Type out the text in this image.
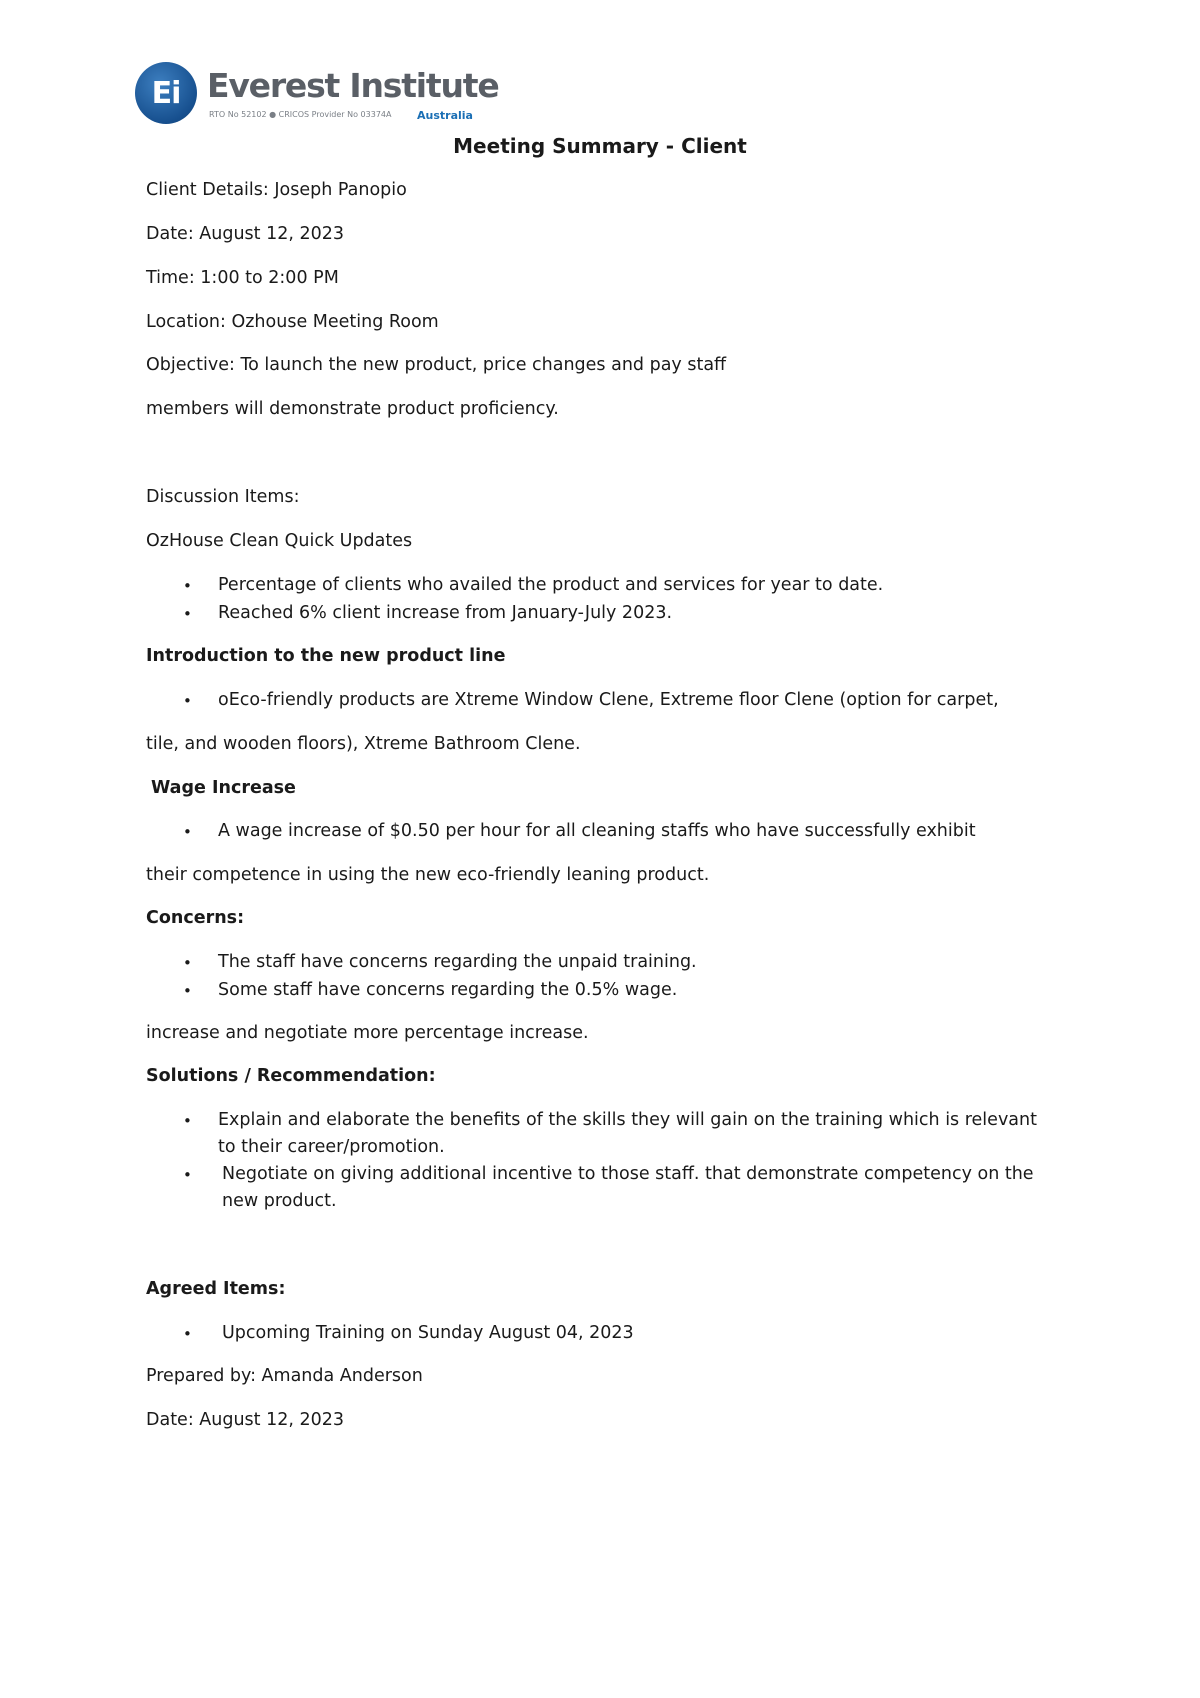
Ei Everest Institute
RTO No 52102 ● CRICOS Provider No 03374A Australia
Meeting Summary - Client
Client Details: Joseph Panopio
Date: August 12, 2023
Time: 1:00 to 2:00 PM
Location: Ozhouse Meeting Room
Objective: To launch the new product, price changes and pay staff
members will demonstrate product proficiency.
Discussion Items:
OzHouse Clean Quick Updates
• Percentage of clients who availed the product and services for year to date.
• Reached 6% client increase from January-July 2023.
Introduction to the new product line
• oEco-friendly products are Xtreme Window Clene, Extreme floor Clene (option for carpet,
tile, and wooden floors), Xtreme Bathroom Clene.
Wage Increase
• A wage increase of $0.50 per hour for all cleaning staffs who have successfully exhibit
their competence in using the new eco-friendly leaning product.
Concerns:
• The staff have concerns regarding the unpaid training.
• Some staff have concerns regarding the 0.5% wage.
increase and negotiate more percentage increase.
Solutions / Recommendation:
• Explain and elaborate the benefits of the skills they will gain on the training which is relevant
to their career/promotion.
• Negotiate on giving additional incentive to those staff. that demonstrate competency on the
new product.
Agreed Items:
• Upcoming Training on Sunday August 04, 2023
Prepared by: Amanda Anderson
Date: August 12, 2023
